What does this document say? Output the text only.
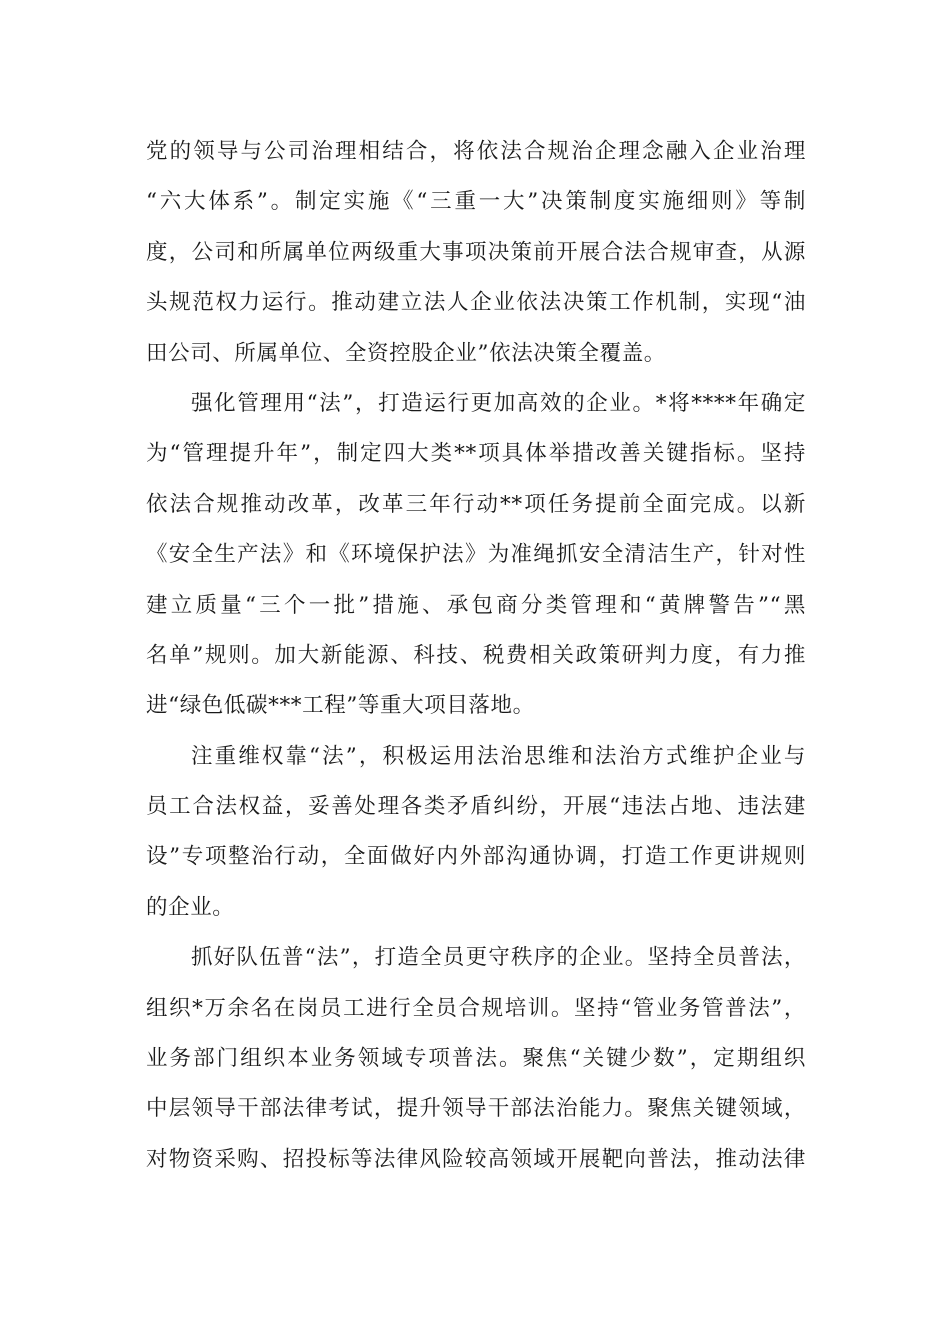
党的领导与公司治理相结合，将依法合规治企理念融入企业治理
“六大体系”。制定实施《“三重一大”决策制度实施细则》等制
度，公司和所属单位两级重大事项决策前开展合法合规审查，从源
头规范权力运行。推动建立法人企业依法决策工作机制，实现“油
田公司、所属单位、全资控股企业”依法决策全覆盖。
强化管理用“法”，打造运行更加高效的企业。*将****年确定
为“管理提升年”，制定四大类**项具体举措改善关键指标。坚持
依法合规推动改革，改革三年行动**项任务提前全面完成。以新
《安全生产法》和《环境保护法》为准绳抓安全清洁生产，针对性
建立质量“三个一批”措施、承包商分类管理和“黄牌警告”“黑
名单”规则。加大新能源、科技、税费相关政策研判力度，有力推
进“绿色低碳***工程”等重大项目落地。
注重维权靠“法”，积极运用法治思维和法治方式维护企业与
员工合法权益，妥善处理各类矛盾纠纷，开展“违法占地、违法建
设”专项整治行动，全面做好内外部沟通协调，打造工作更讲规则
的企业。
抓好队伍普“法”，打造全员更守秩序的企业。坚持全员普法，
组织*万余名在岗员工进行全员合规培训。坚持“管业务管普法”，
业务部门组织本业务领域专项普法。聚焦“关键少数”，定期组织
中层领导干部法律考试，提升领导干部法治能力。聚焦关键领域，
对物资采购、招投标等法律风险较高领域开展靶向普法，推动法律
